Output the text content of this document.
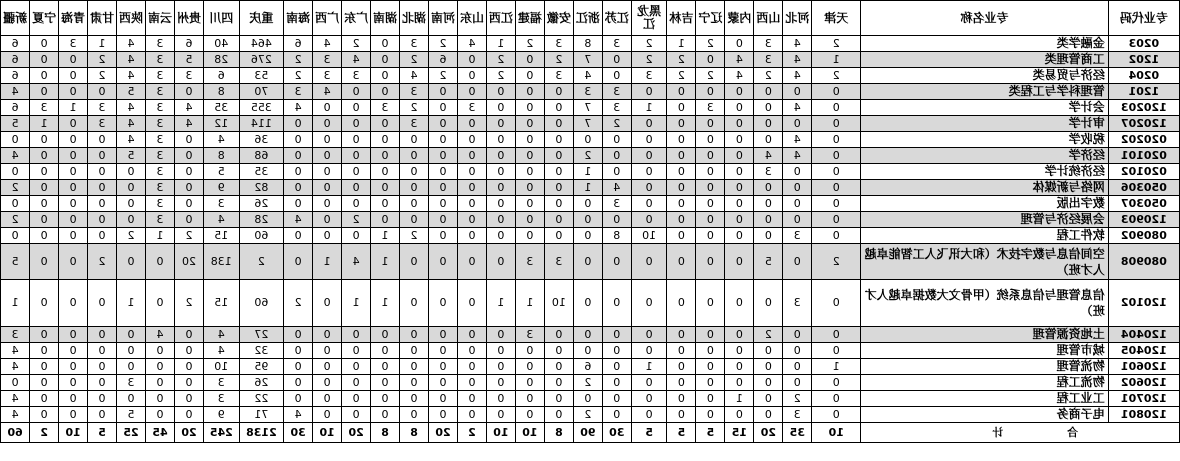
专业代码	专业名称	天津	河北	山西	内蒙	辽宁	吉林	黑龙江	江苏	浙江	安徽	福建	江西	山东	河南	湖北	湖南	广东	广西	海南	重庆	四川	贵州	云南	陕西	甘肃	青海	宁夏	新疆
0203	金融学类	2	4	3	0	2	1	2	3	8	3	2	1	4	2	3	0	2	4	6	464	40	6	3	4	1	3	0	6
1202	工商管理类	1	4	3	4	0	2	2	0	7	2	0	2	0	6	2	0	4	3	2	276	28	5	3	4	2	0	0	6
0204	经济与贸易类	2	4	2	4	2	2	3	0	4	3	0	2	0	2	4	0	3	3	2	53	6	3	3	4	2	0	0	6
1201	管理科学与工程类	0	0	0	0	0	0	0	3	3	0	0	0	0	0	3	0	0	4	3	70	8	0	3	5	0	0	0	4
120203	会计学	0	4	0	0	3	0	1	3	7	0	0	0	3	0	2	3	0	0	4	355	35	4	3	4	3	1	3	6
120207	审计学	0	0	0	0	0	0	0	2	7	0	0	0	0	0	3	0	0	0	0	114	12	4	3	4	3	0	1	5
020202	税收学	0	4	0	0	0	0	0	0	0	0	0	0	0	0	0	0	0	0	0	36	4	0	3	4	0	0	0	0
020101	经济学	0	4	4	0	0	0	0	0	2	0	0	0	0	0	0	0	0	0	0	68	8	0	3	5	0	0	0	4
020102	经济统计学	0	0	3	0	0	0	0	0	1	0	0	0	0	0	0	0	0	0	0	35	5	0	3	0	0	0	0	0
050306	网络与新媒体	0	0	0	0	0	0	0	4	1	0	0	0	0	0	0	0	0	0	0	82	9	0	3	0	0	0	0	2
050307	数字出版	0	0	0	0	0	0	0	3	0	0	0	0	0	0	0	0	0	0	0	26	3	0	3	0	0	0	0	0
120903	会展经济与管理	0	0	0	0	0	0	0	0	0	0	0	0	0	0	0	0	2	0	4	28	4	0	3	0	0	0	0	2
080902	软件工程	0	3	0	0	0	0	10	8	0	0	0	0	0	0	2	1	0	0	0	60	15	2	1	2	0	0	0	0
080908	空间信息与数字技术（和大讯飞人工智能卓越人才班）	2	0	5	0	0	0	0	0	0	3	3	0	0	0	0	1	4	1	0	2	138	20	0	0	2	0	0	5
120102	信息管理与信息系统（甲骨文大数据卓越人才班）	0	3	0	0	0	0	0	0	0	10	1	1	0	0	0	1	1	0	2	60	15	2	0	1	0	0	0	1
120404	土地资源管理	0	0	2	0	0	0	0	0	0	0	3	0	0	0	0	0	0	0	0	27	4	0	4	0	0	0	0	3
120405	城市管理	0	0	0	0	0	0	0	0	0	0	0	0	0	0	0	0	0	0	0	32	4	0	0	0	0	0	0	4
120601	物流管理	1	0	0	0	0	0	1	0	6	0	0	0	0	0	0	0	0	0	0	95	10	0	0	0	0	0	0	4
120602	物流工程	0	0	0	0	0	0	0	0	2	0	0	0	0	0	0	0	0	0	0	26	3	0	0	3	0	0	0	0
120701	工业工程	0	2	0	1	0	0	0	0	0	0	0	0	0	0	0	0	0	0	0	22	3	0	0	0	0	0	0	4
120801	电子商务	0	3	0	0	0	0	0	0	2	0	0	0	0	0	0	0	0	0	4	71	9	0	0	5	0	0	0	4
合 计		10	35	20	15	5	5	5	30	90	8	10	10	2	20	8	8	20	10	30	2138	245	20	45	25	5	10	2	60
